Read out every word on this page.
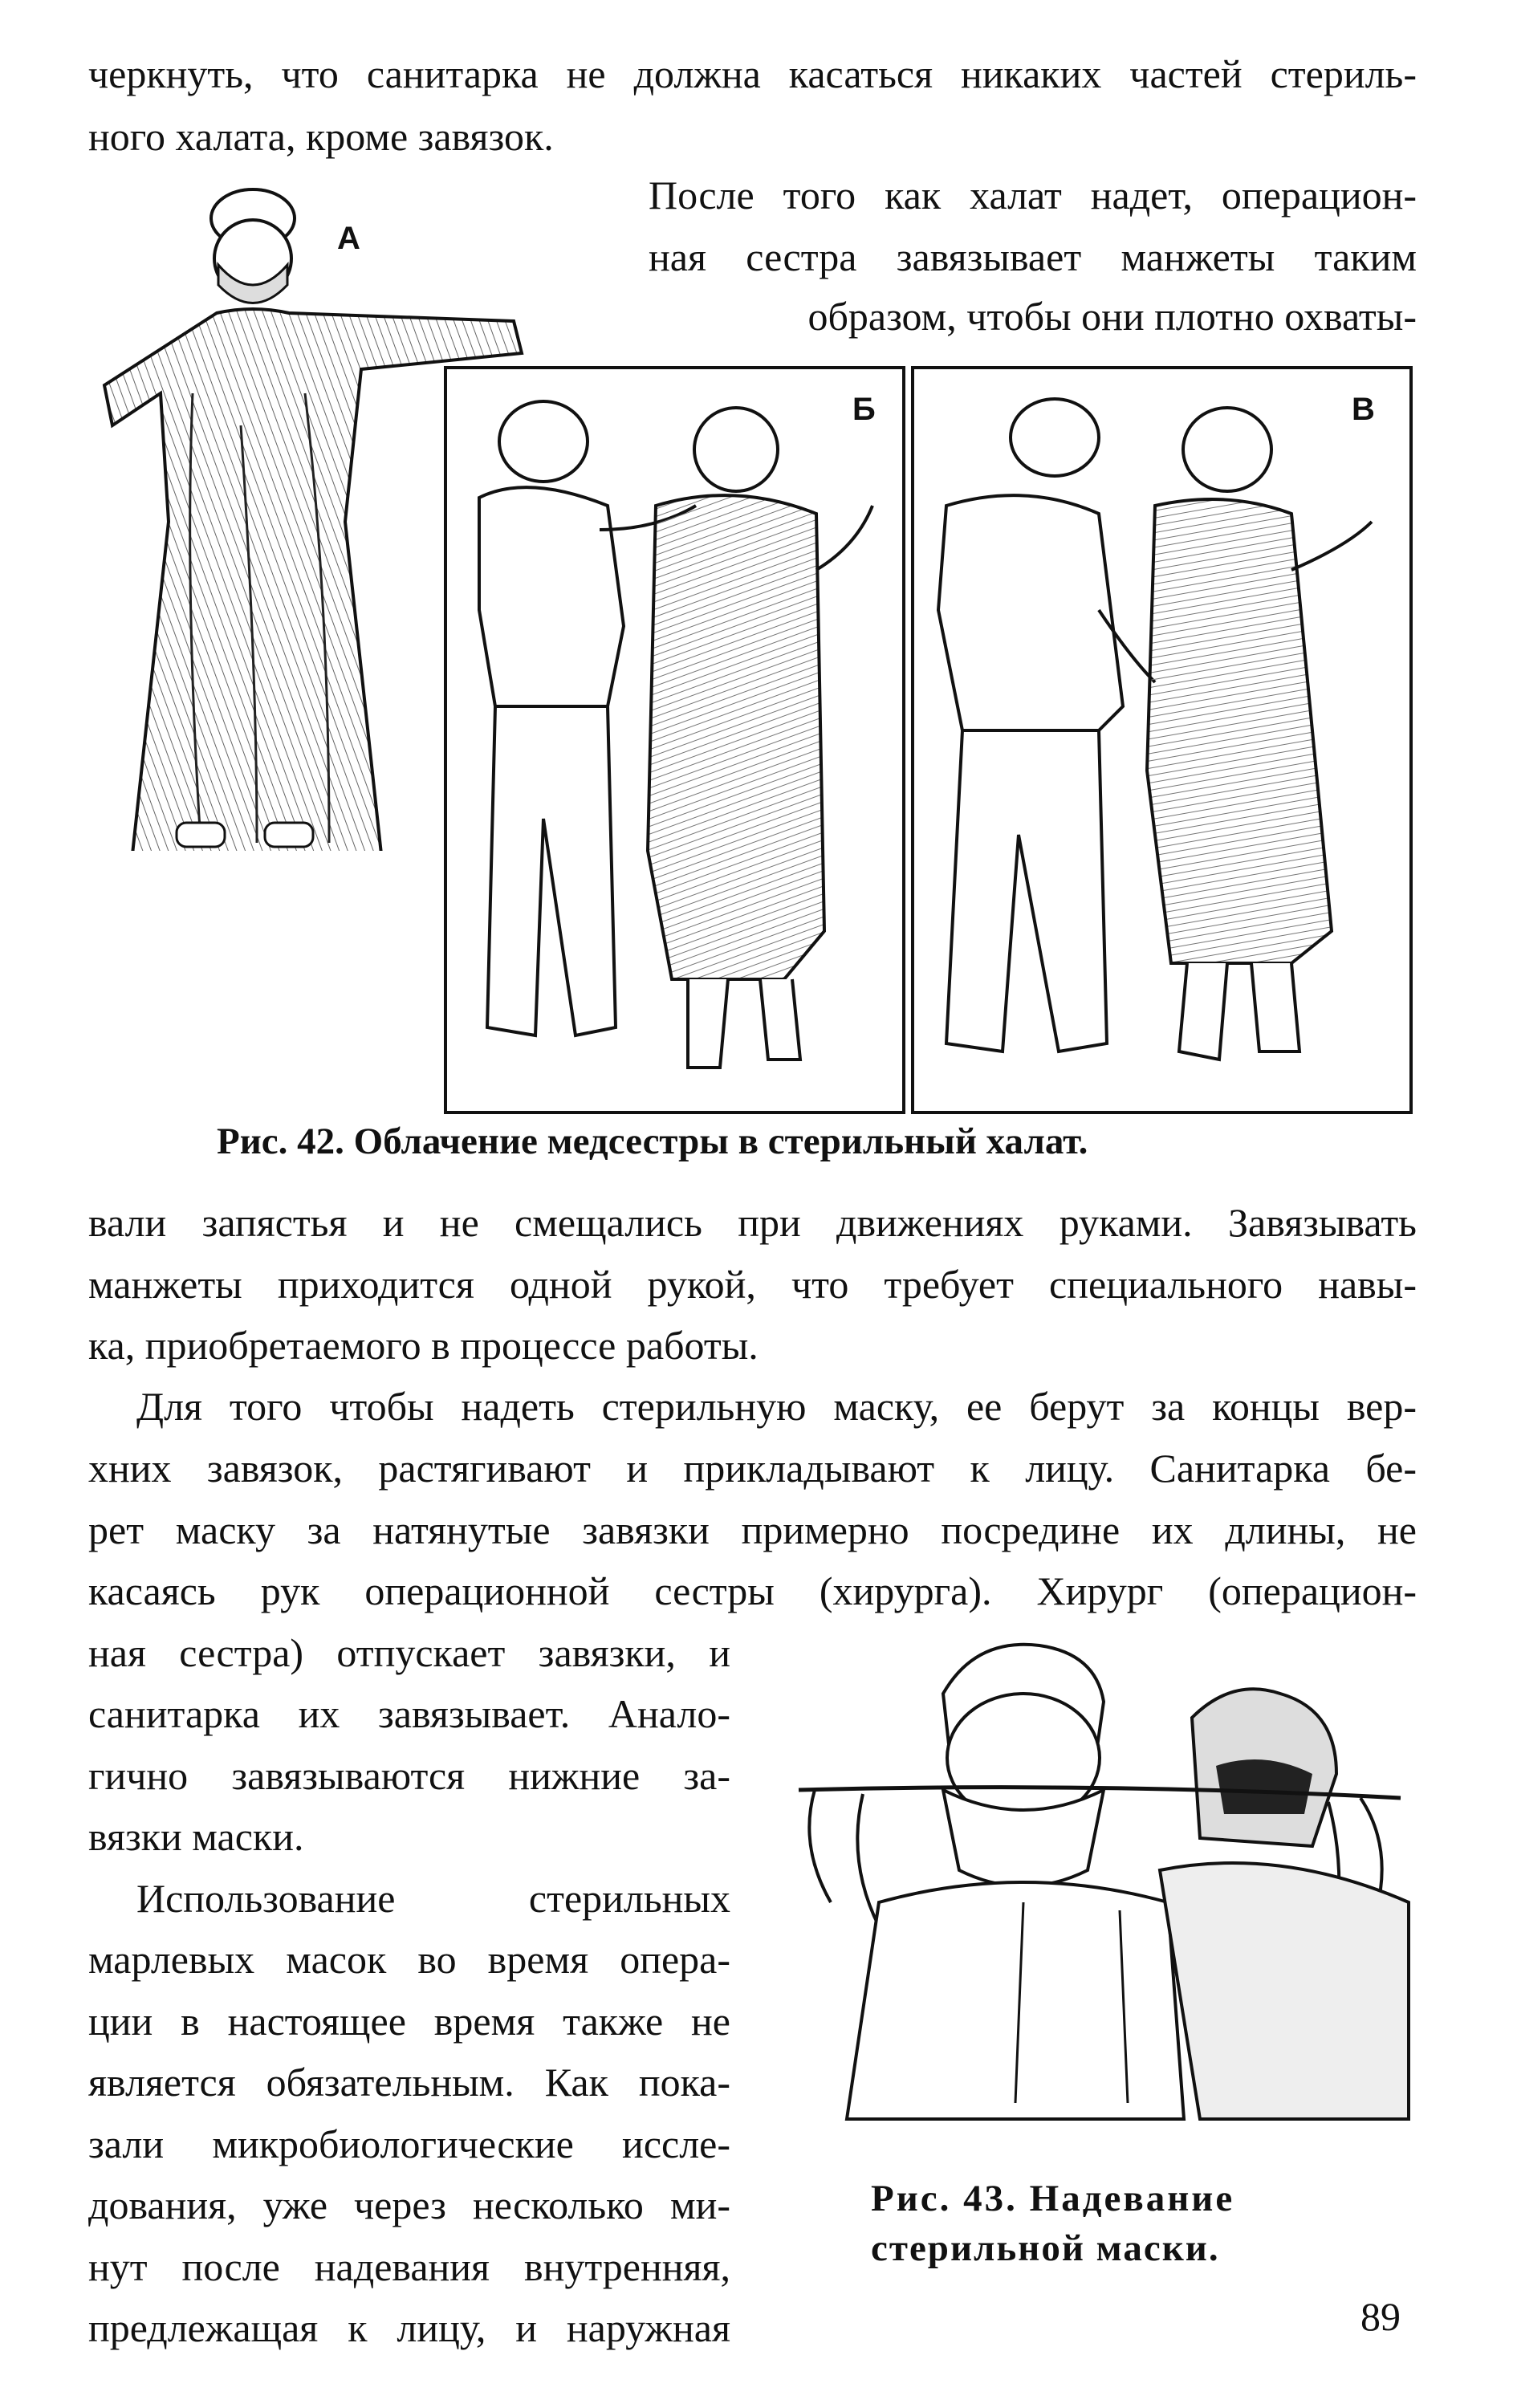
черкнуть, что санитарка не должна касаться никаких частей стериль-
ного халата, кроме завязок.
После того как халат надет, операцион-
ная сестра завязывает манжеты таким
образом, чтобы они плотно охваты-
А
Б	В
Рис. 42. Облачение медсестры в стерильный халат.
вали запястья и не смещались при движениях руками. Завязывать
манжеты приходится одной рукой, что требует специального навы-
ка, приобретаемого в процессе работы.
Для того чтобы надеть стерильную маску, ее берут за концы вер-
хних завязок, растягивают и прикладывают к лицу. Санитарка бе-
рет маску за натянутые завязки примерно посредине их длины, не
касаясь рук операционной сестры (хирурга). Хирург (операцион-
ная сестра) отпускает завязки, и
санитарка их завязывает. Анало-
гично завязываются нижние за-
вязки маски.
Использование стерильных
марлевых масок во время опера-
ции в настоящее время также не
является обязательным. Как пока-
зали микробиологические иссле-
дования, уже через несколько ми-
нут после надевания внутренняя,
предлежащая к лицу, и наружная
Рис. 43. Надевание
стерильной маски.
89
